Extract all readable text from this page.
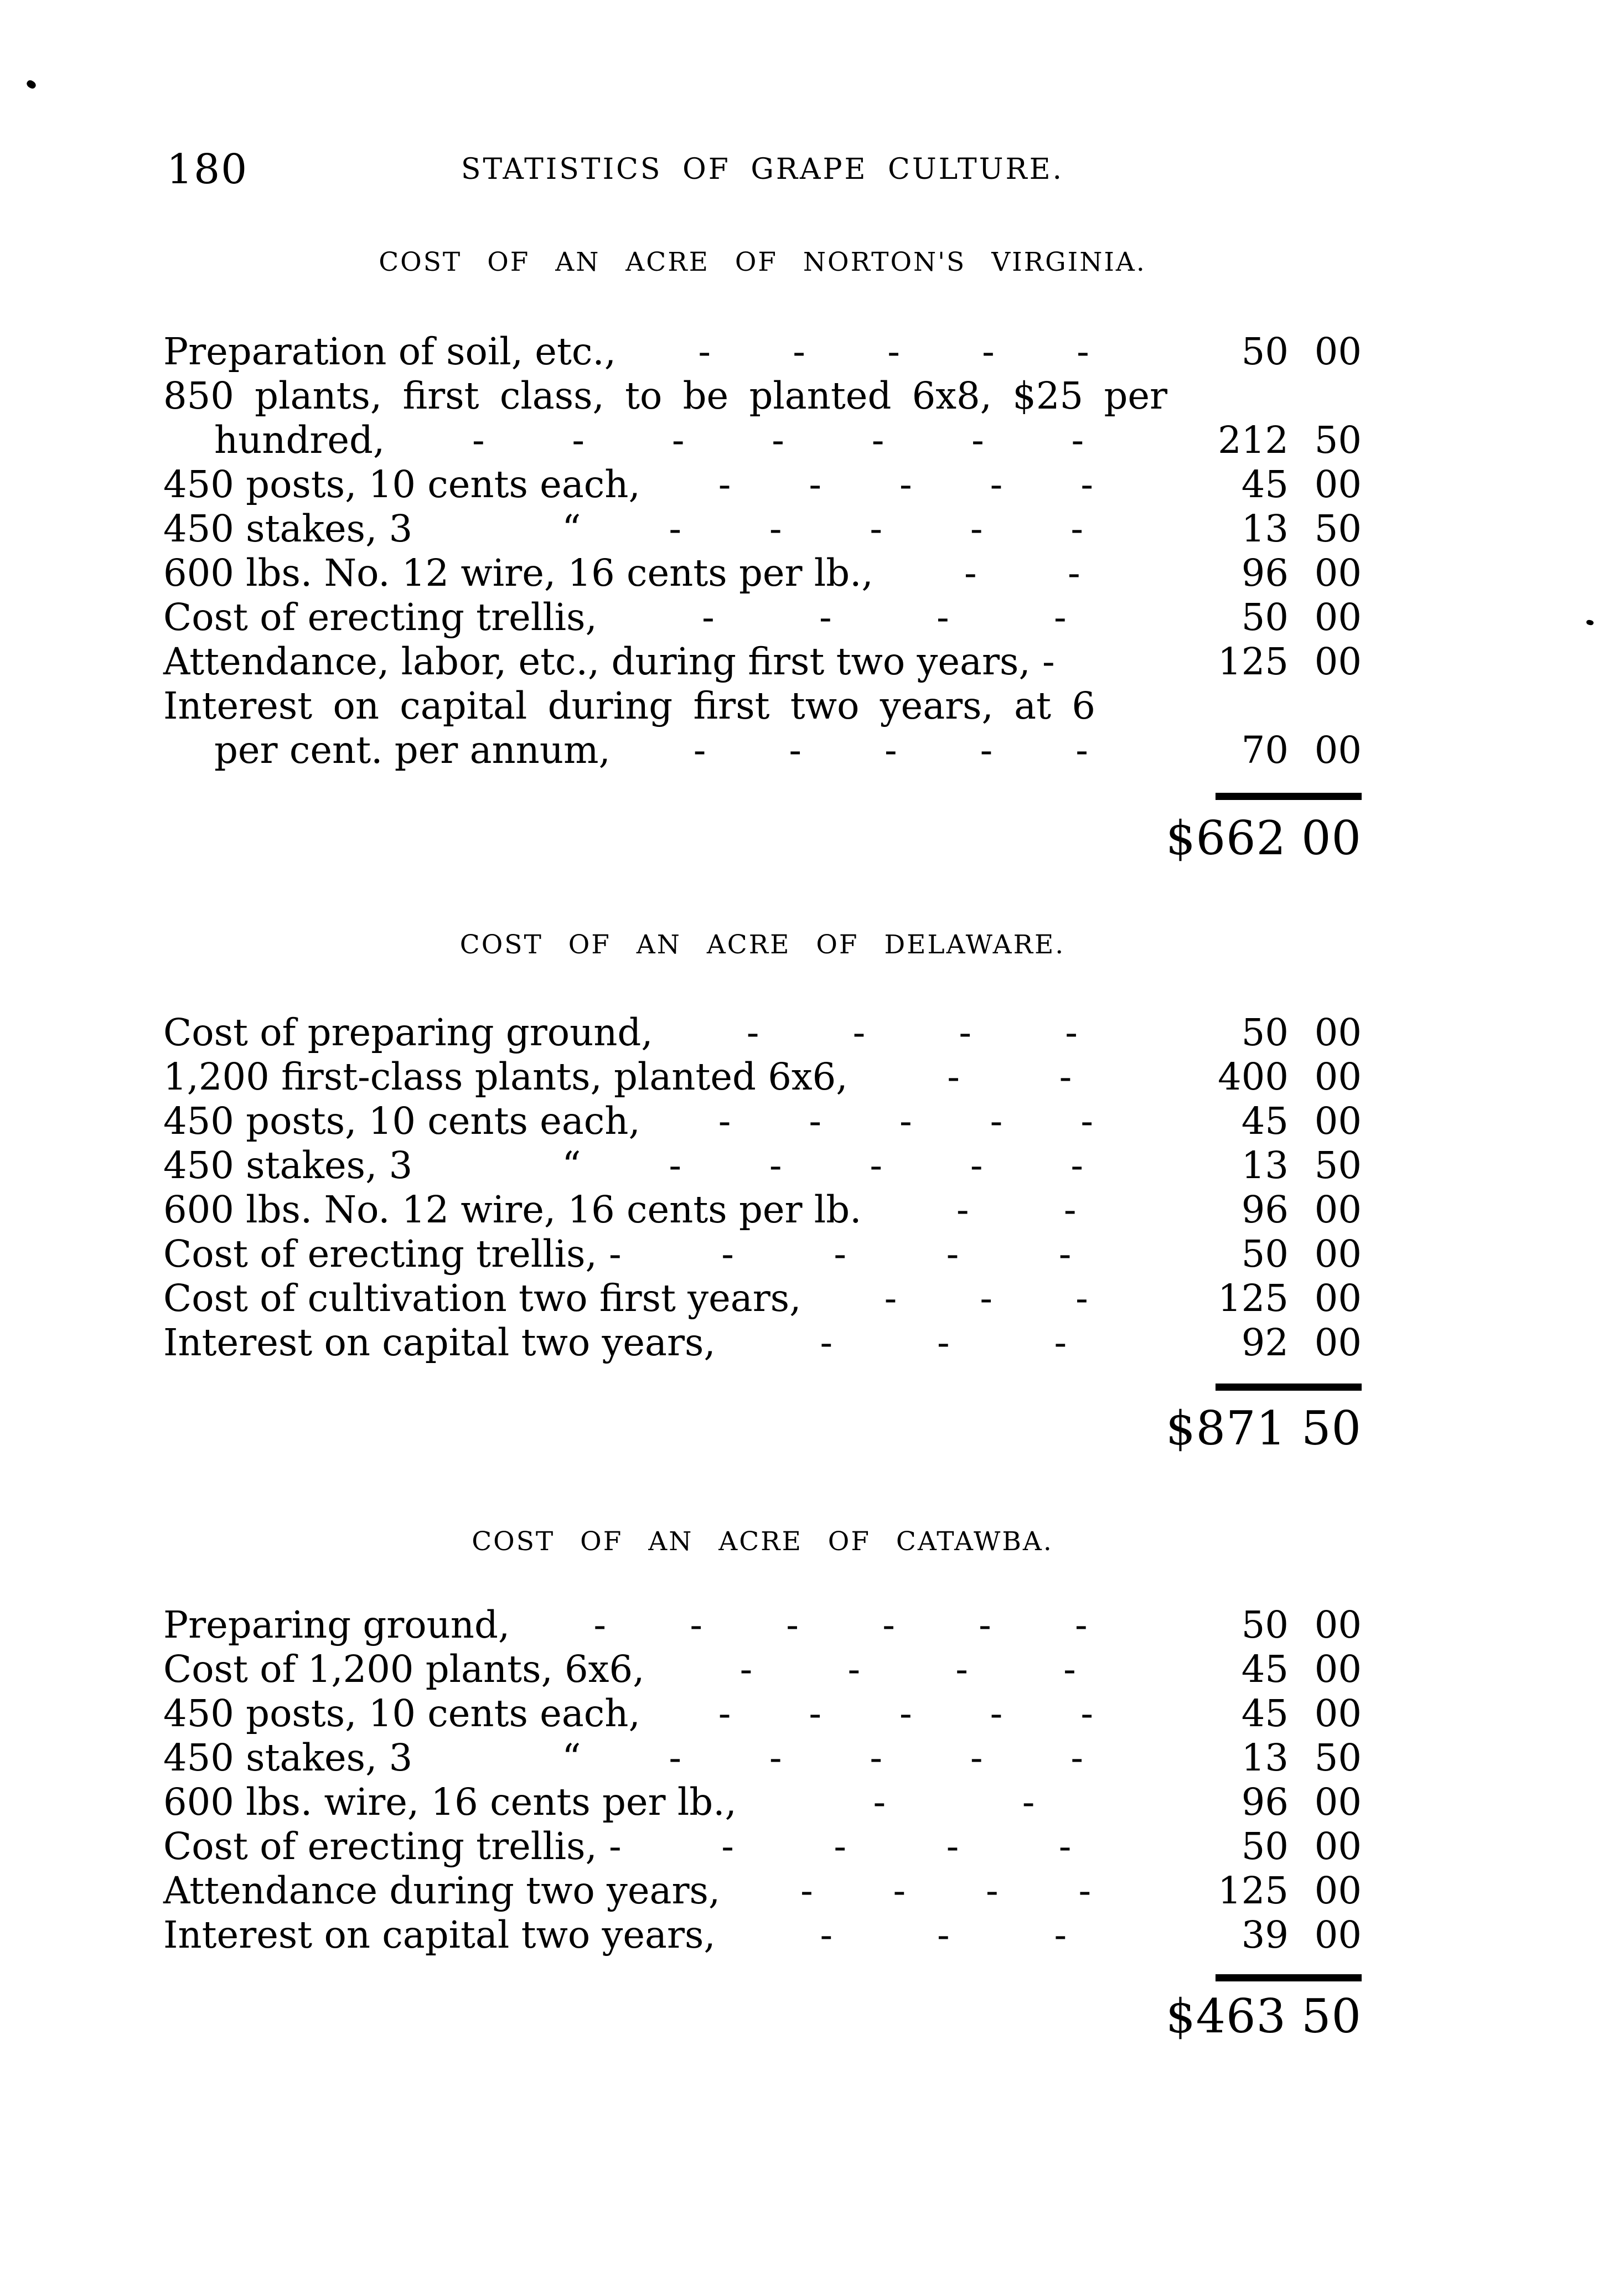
180	STATISTICS OF GRAPE CULTURE.
COST OF AN ACRE OF NORTON'S VIRGINIA.
Preparation of soil, etc., - - - - -	50 00
850 plants, first class, to be planted 6x8, $25 per
hundred, - - - - - - -	212 50
450 posts, 10 cents each, - - - - -	45 00
450 stakes, 3	“ - - - - -	13 50
600 lbs. No. 12 wire, 16 cents per lb., - -	96 00
Cost of erecting trellis,	-	-	-	-	50 00
Attendance, labor, etc., during first two years, -	125 00
Interest on capital during first two years, at 6
per cent. per annum, - - - - -	70 00
$662 00
COST OF AN ACRE OF DELAWARE.
Cost of preparing ground,	-	-	-	-	50 00
1,200 first-class plants, planted 6x6,	-	-	400 00
450 posts, 10 cents each, - - - - -	45 00
450 stakes, 3	“ - - - - -	13 50
600 lbs. No. 12 wire, 16 cents per lb.	-	-	96 00
Cost of erecting trellis, -	-	-	-	-	50 00
Cost of cultivation two first years, - - -	125 00
Interest on capital two years,	-	-	-	92 00
$871 50
COST OF AN ACRE OF CATAWBA.
Preparing ground, - - - - - -	50 00
Cost of 1,200 plants, 6x6,	-	-	-	-	45 00
450 posts, 10 cents each, - - - - -	45 00
450 stakes, 3	“ - - - - -	13 50
600 lbs. wire, 16 cents per lb.,	-	-	96 00
Cost of erecting trellis, -	-	-	-	-	50 00
Attendance during two years, - - - -	125 00
Interest on capital two years,	-	-	-	39 00
$463 50
